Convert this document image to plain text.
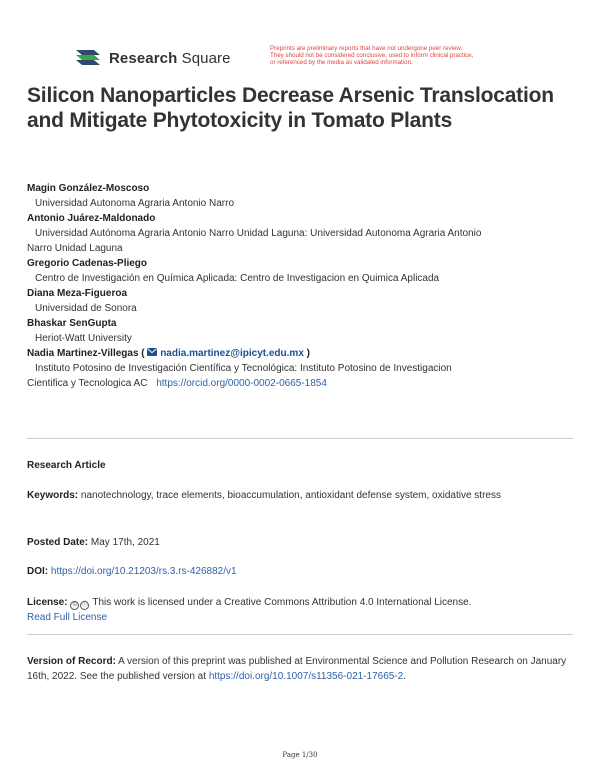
Research Square
Preprints are preliminary reports that have not undergone peer review.
They should not be considered conclusive, used to inform clinical practice,
or referenced by the media as validated information.
Silicon Nanoparticles Decrease Arsenic Translocation and Mitigate Phytotoxicity in Tomato Plants
Magin González-Moscoso
Universidad Autonoma Agraria Antonio Narro
Antonio Juárez-Maldonado
Universidad Autónoma Agraria Antonio Narro Unidad Laguna: Universidad Autonoma Agraria Antonio
Narro Unidad Laguna
Gregorio Cadenas-Pliego
Centro de Investigación en Química Aplicada: Centro de Investigacion en Quimica Aplicada
Diana Meza-Figueroa
Universidad de Sonora
Bhaskar SenGupta
Heriot-Watt University
Nadia Martinez-Villegas ( nadia.martinez@ipicyt.edu.mx )
Instituto Potosino de Investigación Científica y Tecnológica: Instituto Potosino de Investigacion
Cientifica y Tecnologica AC https://orcid.org/0000-0002-0665-1854
Research Article
Keywords: nanotechnology, trace elements, bioaccumulation, antioxidant defense system, oxidative stress
Posted Date: May 17th, 2021
DOI: https://doi.org/10.21203/rs.3.rs-426882/v1
License: © ⓘ This work is licensed under a Creative Commons Attribution 4.0 International License.
Read Full License
Version of Record: A version of this preprint was published at Environmental Science and Pollution Research on January 16th, 2022. See the published version at https://doi.org/10.1007/s11356-021-17665-2.
Page 1/30
